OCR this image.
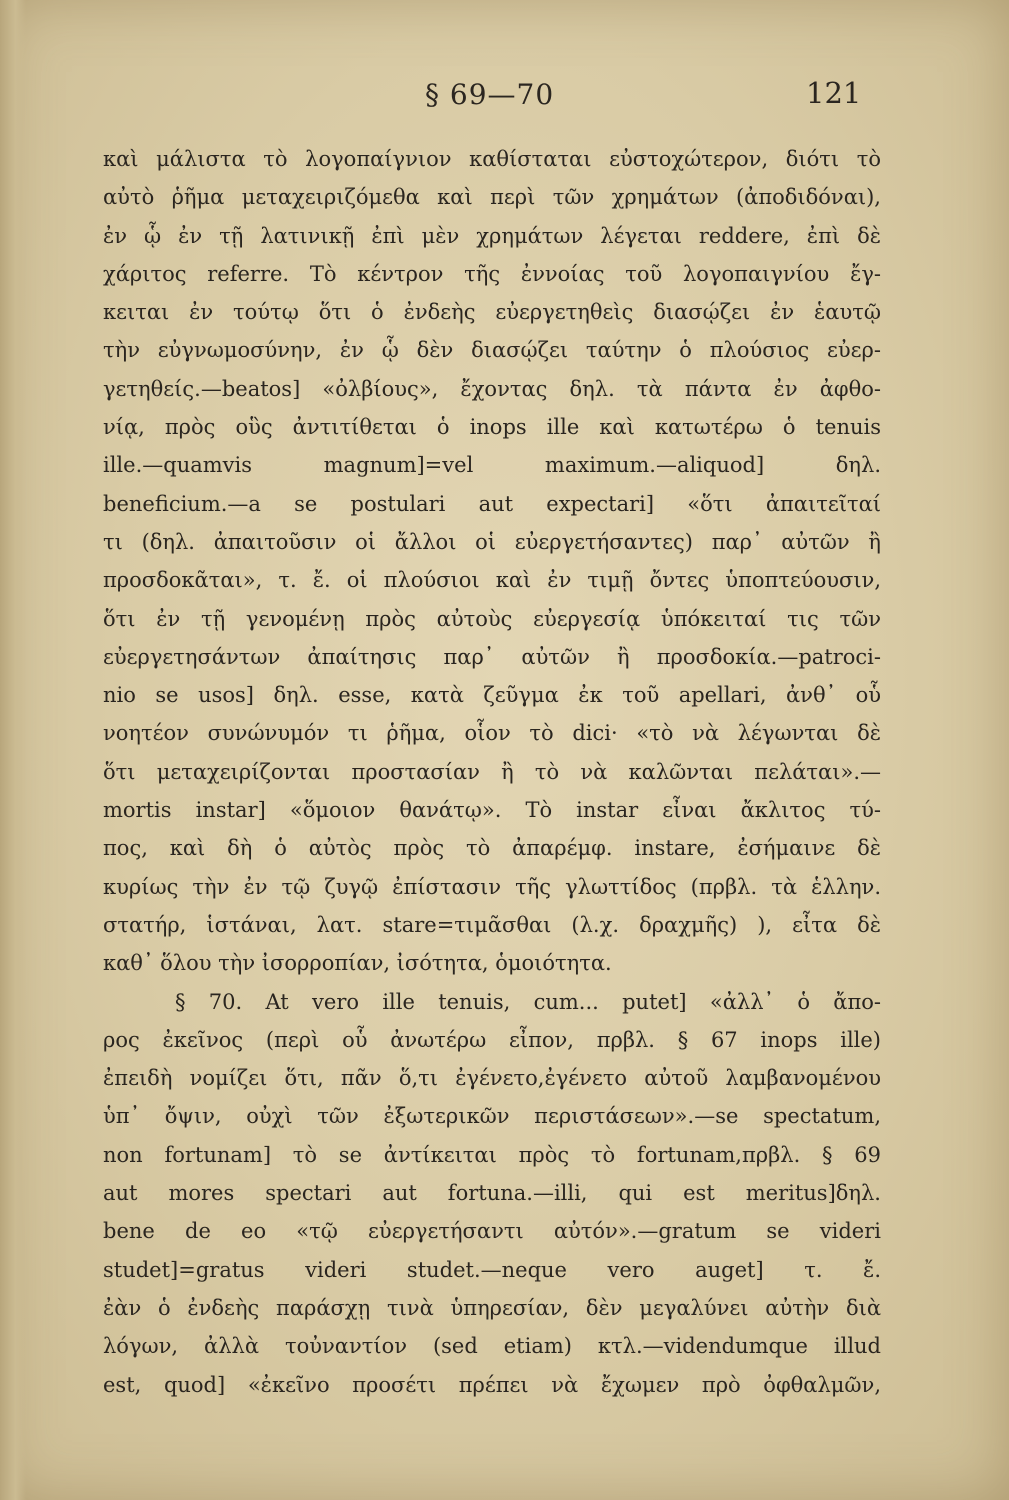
§ 69—70	121
καὶ μάλιστα τὸ λογοπαίγνιον καθίσταται εὐστοχώτερον, διότι τὸ
αὐτὸ ῥῆμα μεταχειριζόμεθα καὶ περὶ τῶν χρημάτων (ἀποδιδόναι),
ἐν ᾧ ἐν τῇ λατινικῇ ἐπὶ μὲν χρημάτων λέγεται reddere, ἐπὶ δὲ
χάριτος referre. Τὸ κέντρον τῆς ἐννοίας τοῦ λογοπαιγνίου ἔγ-
κειται ἐν τούτῳ ὅτι ὁ ἐνδεὴς εὐεργετηθεὶς διασῴζει ἐν ἑαυτῷ
τὴν εὐγνωμοσύνην, ἐν ᾧ δὲν διασῴζει ταύτην ὁ πλούσιος εὐερ-
γετηθείς.—beatos] «ὀλβίους», ἔχοντας δηλ. τὰ πάντα ἐν ἀφθο-
νίᾳ, πρὸς οὓς ἀντιτίθεται ὁ inops ille καὶ κατωτέρω ὁ tenuis
ille.—quamvis magnum]=vel maximum.—aliquod] δηλ.
beneficium.—a se postulari aut expectari] «ὅτι ἀπαιτεῖταί
τι (δηλ. ἀπαιτοῦσιν οἱ ἄλλοι οἱ εὐεργετήσαντες) παρ᾽ αὐτῶν ἢ
προσδοκᾶται», τ. ἔ. οἱ πλούσιοι καὶ ἐν τιμῇ ὄντες ὑποπτεύουσιν,
ὅτι ἐν τῇ γενομένῃ πρὸς αὐτοὺς εὐεργεσίᾳ ὑπόκειταί τις τῶν
εὐεργετησάντων ἀπαίτησις παρ᾽ αὐτῶν ἢ προσδοκία.—patroci-
nio se usos] δηλ. esse, κατὰ ζεῦγμα ἐκ τοῦ apellari, ἀνθ᾽ οὗ
νοητέον συνώνυμόν τι ῥῆμα, οἷον τὸ dici· «τὸ νὰ λέγωνται δὲ
ὅτι μεταχειρίζονται προστασίαν ἢ τὸ νὰ καλῶνται πελάται».—
mortis instar] «ὅμοιον θανάτῳ». Τὸ instar εἶναι ἄκλιτος τύ-
πος, καὶ δὴ ὁ αὐτὸς πρὸς τὸ ἀπαρέμφ. instare, ἐσήμαινε δὲ
κυρίως τὴν ἐν τῷ ζυγῷ ἐπίστασιν τῆς γλωττίδος (πρβλ. τὰ ἑλλην.
στατήρ, ἱστάναι, λατ. stare=τιμᾶσθαι (λ.χ. δραχμῆς) ), εἶτα δὲ
καθ᾽ ὅλου τὴν ἰσορροπίαν, ἰσότητα, ὁμοιότητα.
§ 70. At vero ille tenuis, cum... putet] «ἀλλ᾽ ὁ ἄπο-
ρος ἐκεῖνος (περὶ οὗ ἀνωτέρω εἶπον, πρβλ. § 67 inops ille)
ἐπειδὴ νομίζει ὅτι, πᾶν ὅ,τι ἐγένετο,ἐγένετο αὐτοῦ λαμβανομένου
ὑπ᾽ ὄψιν, οὐχὶ τῶν ἐξωτερικῶν περιστάσεων».—se spectatum,
non fortunam] τὸ se ἀντίκειται πρὸς τὸ fortunam,πρβλ. § 69
aut mores spectari aut fortuna.—illi, qui est meritus]δηλ.
bene de eo «τῷ εὐεργετήσαντι αὐτόν».—gratum se videri
studet]=gratus videri studet.—neque vero auget] τ. ἔ.
ἐὰν ὁ ἐνδεὴς παράσχῃ τινὰ ὑπηρεσίαν, δὲν μεγαλύνει αὐτὴν διὰ
λόγων, ἀλλὰ τοὐναντίον (sed etiam) κτλ.—videndumque illud
est, quod] «ἐκεῖνο προσέτι πρέπει νὰ ἔχωμεν πρὸ ὀφθαλμῶν,
